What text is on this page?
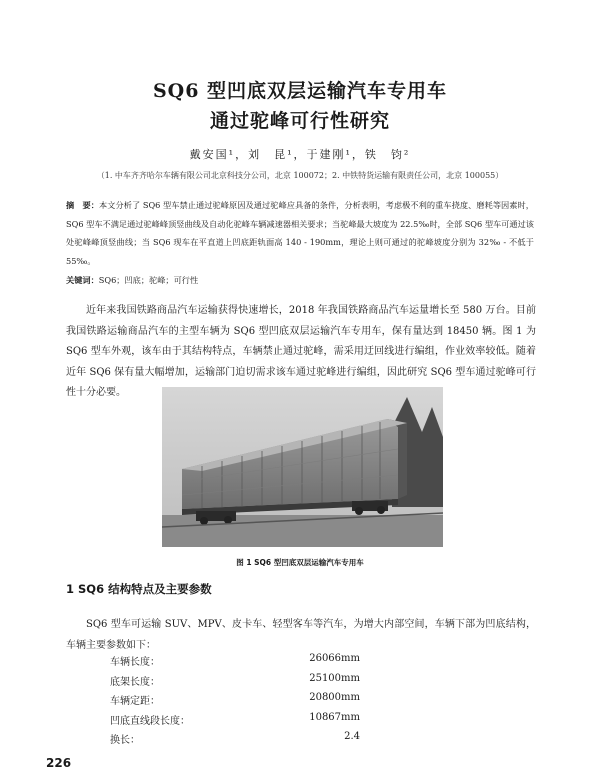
SQ6 型凹底双层运输汽车专用车
通过驼峰可行性研究
戴安国¹，刘　昆¹，于建刚¹，铁　钧²
（1. 中车齐齐哈尔车辆有限公司北京科技分公司，北京 100072；2. 中铁特货运输有限责任公司，北京 100055）
摘　要：本文分析了 SQ6 型车禁止通过驼峰原因及通过驼峰应具备的条件，分析表明，考虑极不利的重车挠度、磨耗等因素时，SQ6 型车不满足通过驼峰峰顶竖曲线及自动化驼峰车辆减速器相关要求；当驼峰最大坡度为 22.5‰时，全部 SQ6 型车可通过该处驼峰峰顶竖曲线；当 SQ6 现车在平直道上凹底距轨面高 140 - 190mm，理论上则可通过的驼峰坡度分别为 32‰ - 不低于 55‰。
关键词：SQ6；凹底；驼峰；可行性
近年来我国铁路商品汽车运输获得快速增长，2018 年我国铁路商品汽车运量增长至 580 万台。目前我国铁路运输商品汽车的主型车辆为 SQ6 型凹底双层运输汽车专用车，保有量达到 18450 辆。图 1 为 SQ6 型车外观，该车由于其结构特点，车辆禁止通过驼峰，需采用迂回线进行编组，作业效率较低。随着近年 SQ6 保有量大幅增加，运输部门迫切需求该车通过驼峰进行编组，因此研究 SQ6 型车通过驼峰可行性十分必要。
图 1 SQ6 型凹底双层运输汽车专用车
1 SQ6 结构特点及主要参数
SQ6 型车可运输 SUV、MPV、皮卡车、轻型客车等汽车，为增大内部空间，车辆下部为凹底结构，车辆主要参数如下：
车辆长度：	26066mm
底架长度：	25100mm
车辆定距：	20800mm
凹底直线段长度：	10867mm
换长：	2.4
226
